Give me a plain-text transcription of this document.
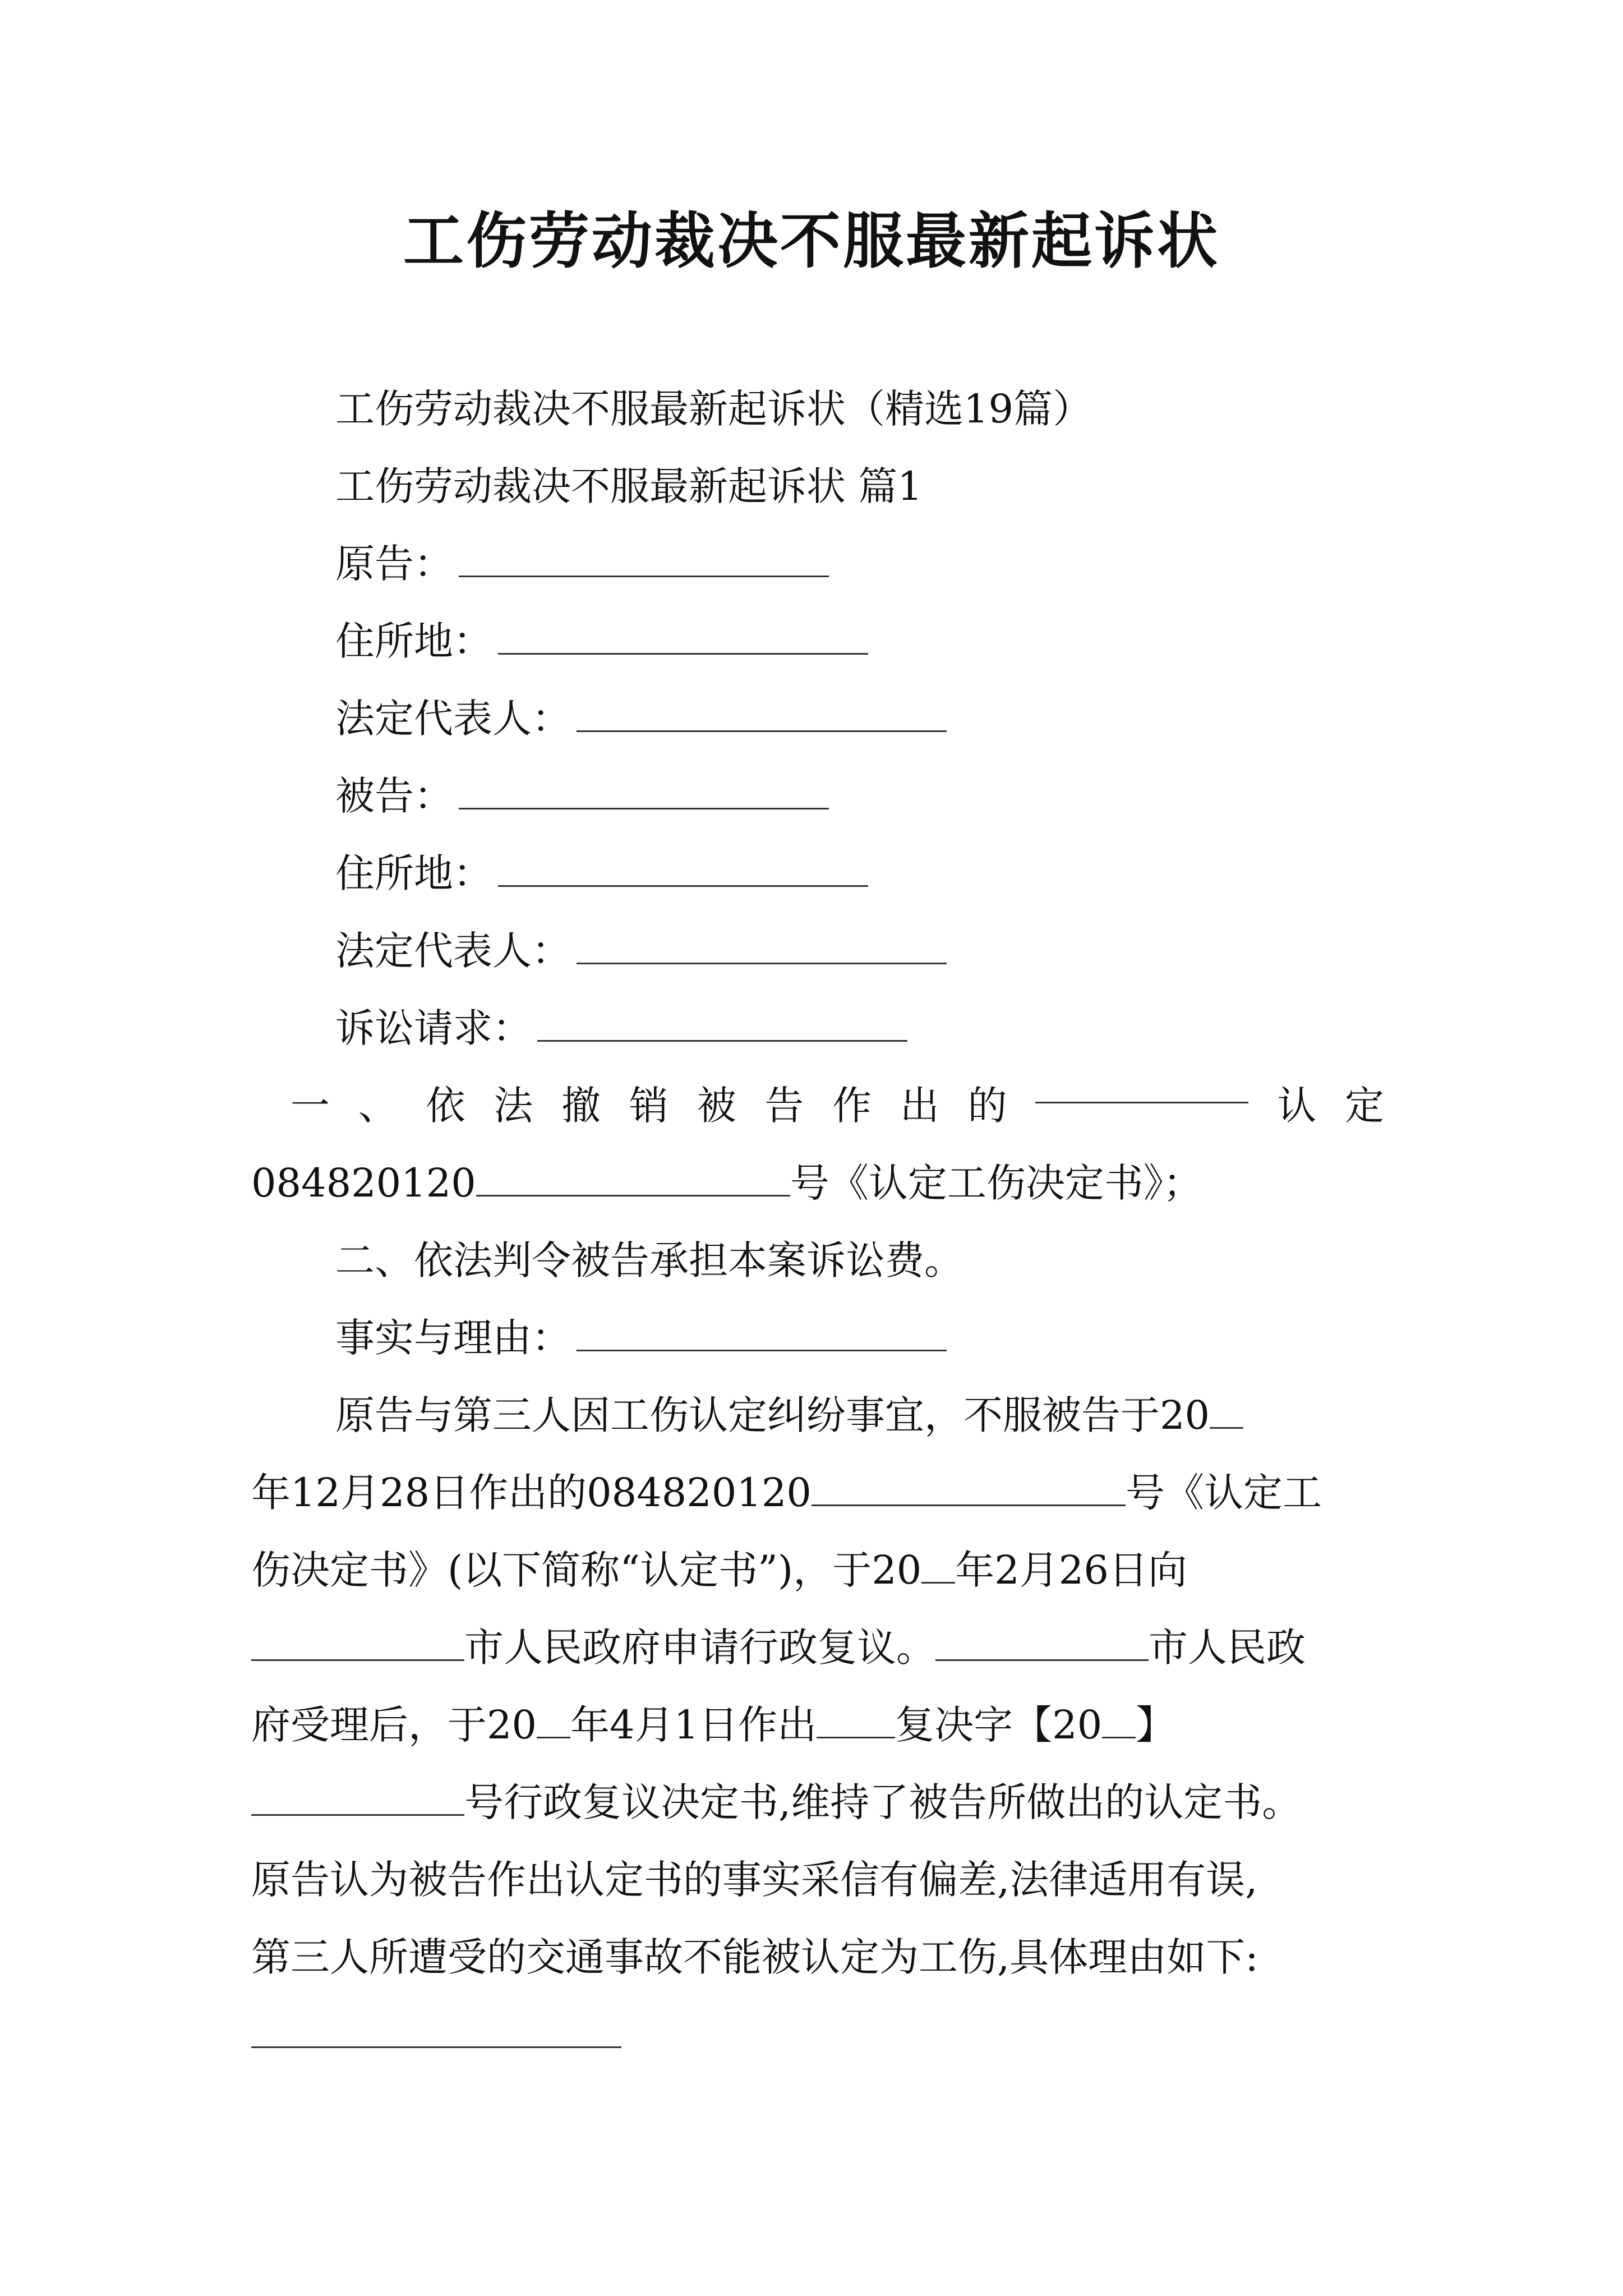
工伤劳动裁决不服最新起诉状
工伤劳动裁决不服最新起诉状（精选19篇）
工伤劳动裁决不服最新起诉状 篇1
原告：
住所地：
法定代表人：
被告：
住所地：
法定代表人：
诉讼请求：
一 、 依 法 撤 销 被 告 作 出 的	认 定
084820120	号《认定工伤决定书》；
二、依法判令被告承担本案诉讼费。
事实与理由：
原告与第三人因工伤认定纠纷事宜，不服被告于20
年12月28日作出的084820120	号《认定工
伤决定书》(以下简称“认定书”)，于20 年2月26日向
市人民政府申请行政复议。	市人民政
府受理后，于20 年4月1日作出 复决字【20 】
号行政复议决定书,维持了被告所做出的认定书。
原告认为被告作出认定书的事实采信有偏差,法律适用有误,
第三人所遭受的交通事故不能被认定为工伤,具体理由如下:
